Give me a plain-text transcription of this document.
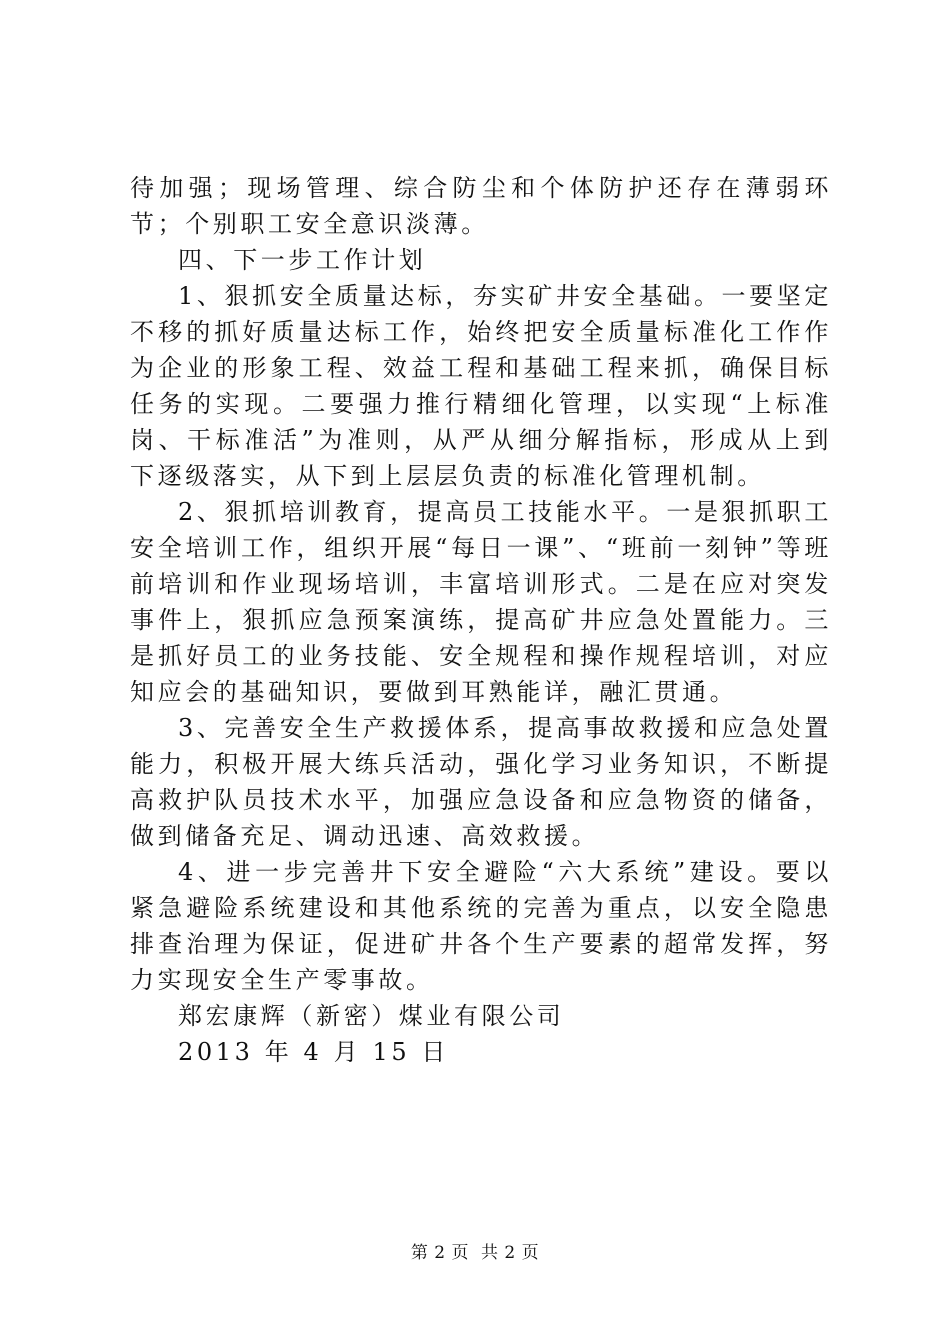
待加强；现场管理、综合防尘和个体防护还存在薄弱环节；个别职工安全意识淡薄。

四、下一步工作计划

1、狠抓安全质量达标，夯实矿井安全基础。一要坚定不移的抓好质量达标工作，始终把安全质量标准化工作作为企业的形象工程、效益工程和基础工程来抓，确保目标任务的实现。二要强力推行精细化管理，以实现“上标准岗、干标准活”为准则，从严从细分解指标，形成从上到下逐级落实，从下到上层层负责的标准化管理机制。

2、狠抓培训教育，提高员工技能水平。一是狠抓职工安全培训工作，组织开展“每日一课”、“班前一刻钟”等班前培训和作业现场培训，丰富培训形式。二是在应对突发事件上，狠抓应急预案演练，提高矿井应急处置能力。三是抓好员工的业务技能、安全规程和操作规程培训，对应知应会的基础知识，要做到耳熟能详，融汇贯通。

3、完善安全生产救援体系，提高事故救援和应急处置能力，积极开展大练兵活动，强化学习业务知识，不断提高救护队员技术水平，加强应急设备和应急物资的储备，做到储备充足、调动迅速、高效救援。

4、进一步完善井下安全避险“六大系统”建设。要以紧急避险系统建设和其他系统的完善为重点，以安全隐患排查治理为保证，促进矿井各个生产要素的超常发挥，努力实现安全生产零事故。

郑宏康辉（新密）煤业有限公司

2013 年 4 月 15 日

第 2 页 共 2 页
